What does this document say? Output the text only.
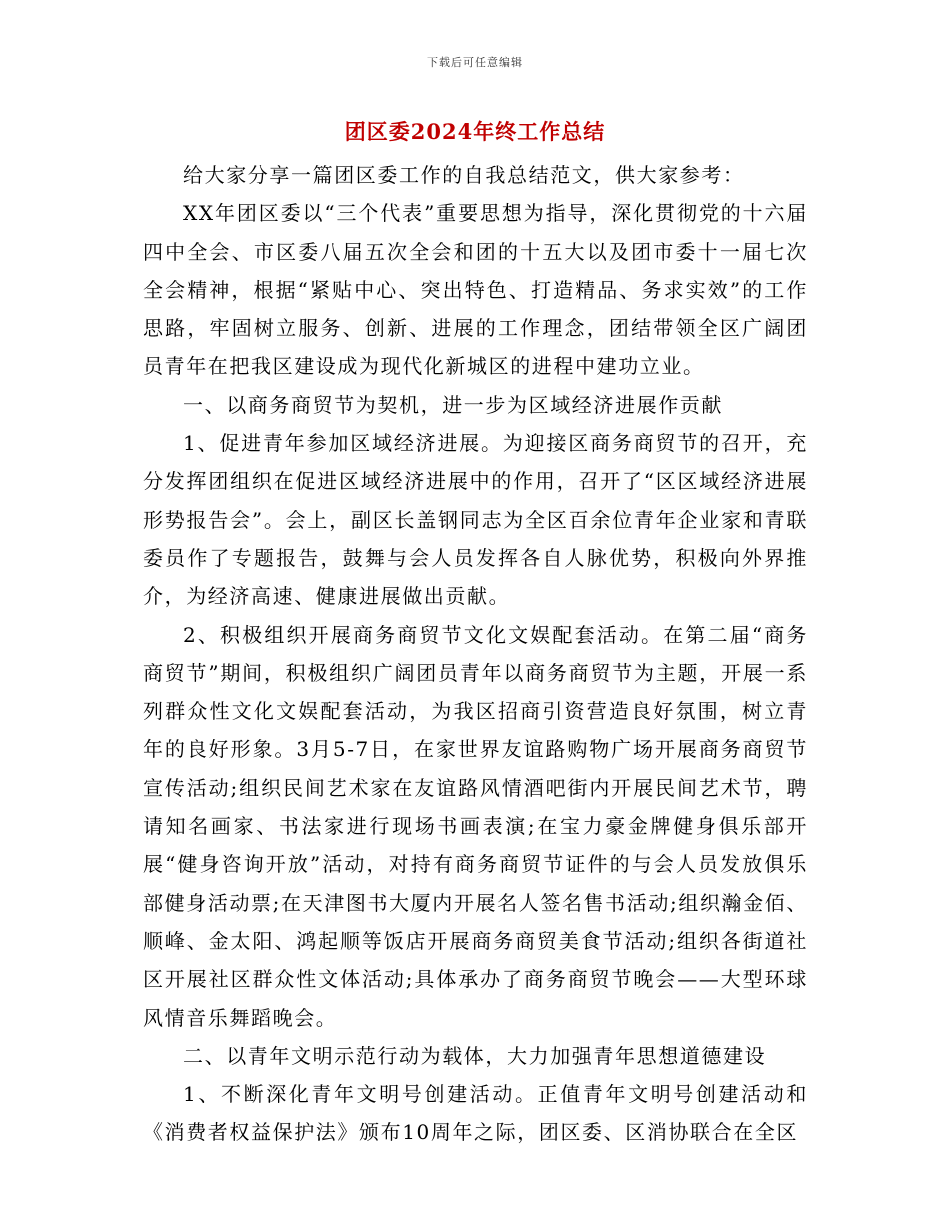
下载后可任意编辑
团区委2024年终工作总结

给大家分享一篇团区委工作的自我总结范文，供大家参考：

XX年团区委以“三个代表”重要思想为指导，深化贯彻党的十六届四中全会、市区委八届五次全会和团的十五大以及团市委十一届七次全会精神，根据“紧贴中心、突出特色、打造精品、务求实效”的工作思路，牢固树立服务、创新、进展的工作理念，团结带领全区广阔团员青年在把我区建设成为现代化新城区的进程中建功立业。

一、以商务商贸节为契机，进一步为区域经济进展作贡献

1、促进青年参加区域经济进展。为迎接区商务商贸节的召开，充分发挥团组织在促进区域经济进展中的作用，召开了“区区域经济进展形势报告会”。会上，副区长盖钢同志为全区百余位青年企业家和青联委员作了专题报告，鼓舞与会人员发挥各自人脉优势，积极向外界推介，为经济高速、健康进展做出贡献。

2、积极组织开展商务商贸节文化文娱配套活动。在第二届“商务商贸节”期间，积极组织广阔团员青年以商务商贸节为主题，开展一系列群众性文化文娱配套活动，为我区招商引资营造良好氛围，树立青年的良好形象。3月5-7日，在家世界友谊路购物广场开展商务商贸节宣传活动;组织民间艺术家在友谊路风情酒吧街内开展民间艺术节，聘请知名画家、书法家进行现场书画表演;在宝力豪金牌健身俱乐部开展“健身咨询开放”活动，对持有商务商贸节证件的与会人员发放俱乐部健身活动票;在天津图书大厦内开展名人签名售书活动;组织瀚金佰、顺峰、金太阳、鸿起顺等饭店开展商务商贸美食节活动;组织各街道社区开展社区群众性文体活动;具体承办了商务商贸节晚会——大型环球风情音乐舞蹈晚会。

二、以青年文明示范行动为载体，大力加强青年思想道德建设

1、不断深化青年文明号创建活动。正值青年文明号创建活动和《消费者权益保护法》颁布10周年之际，团区委、区消协联合在全区
